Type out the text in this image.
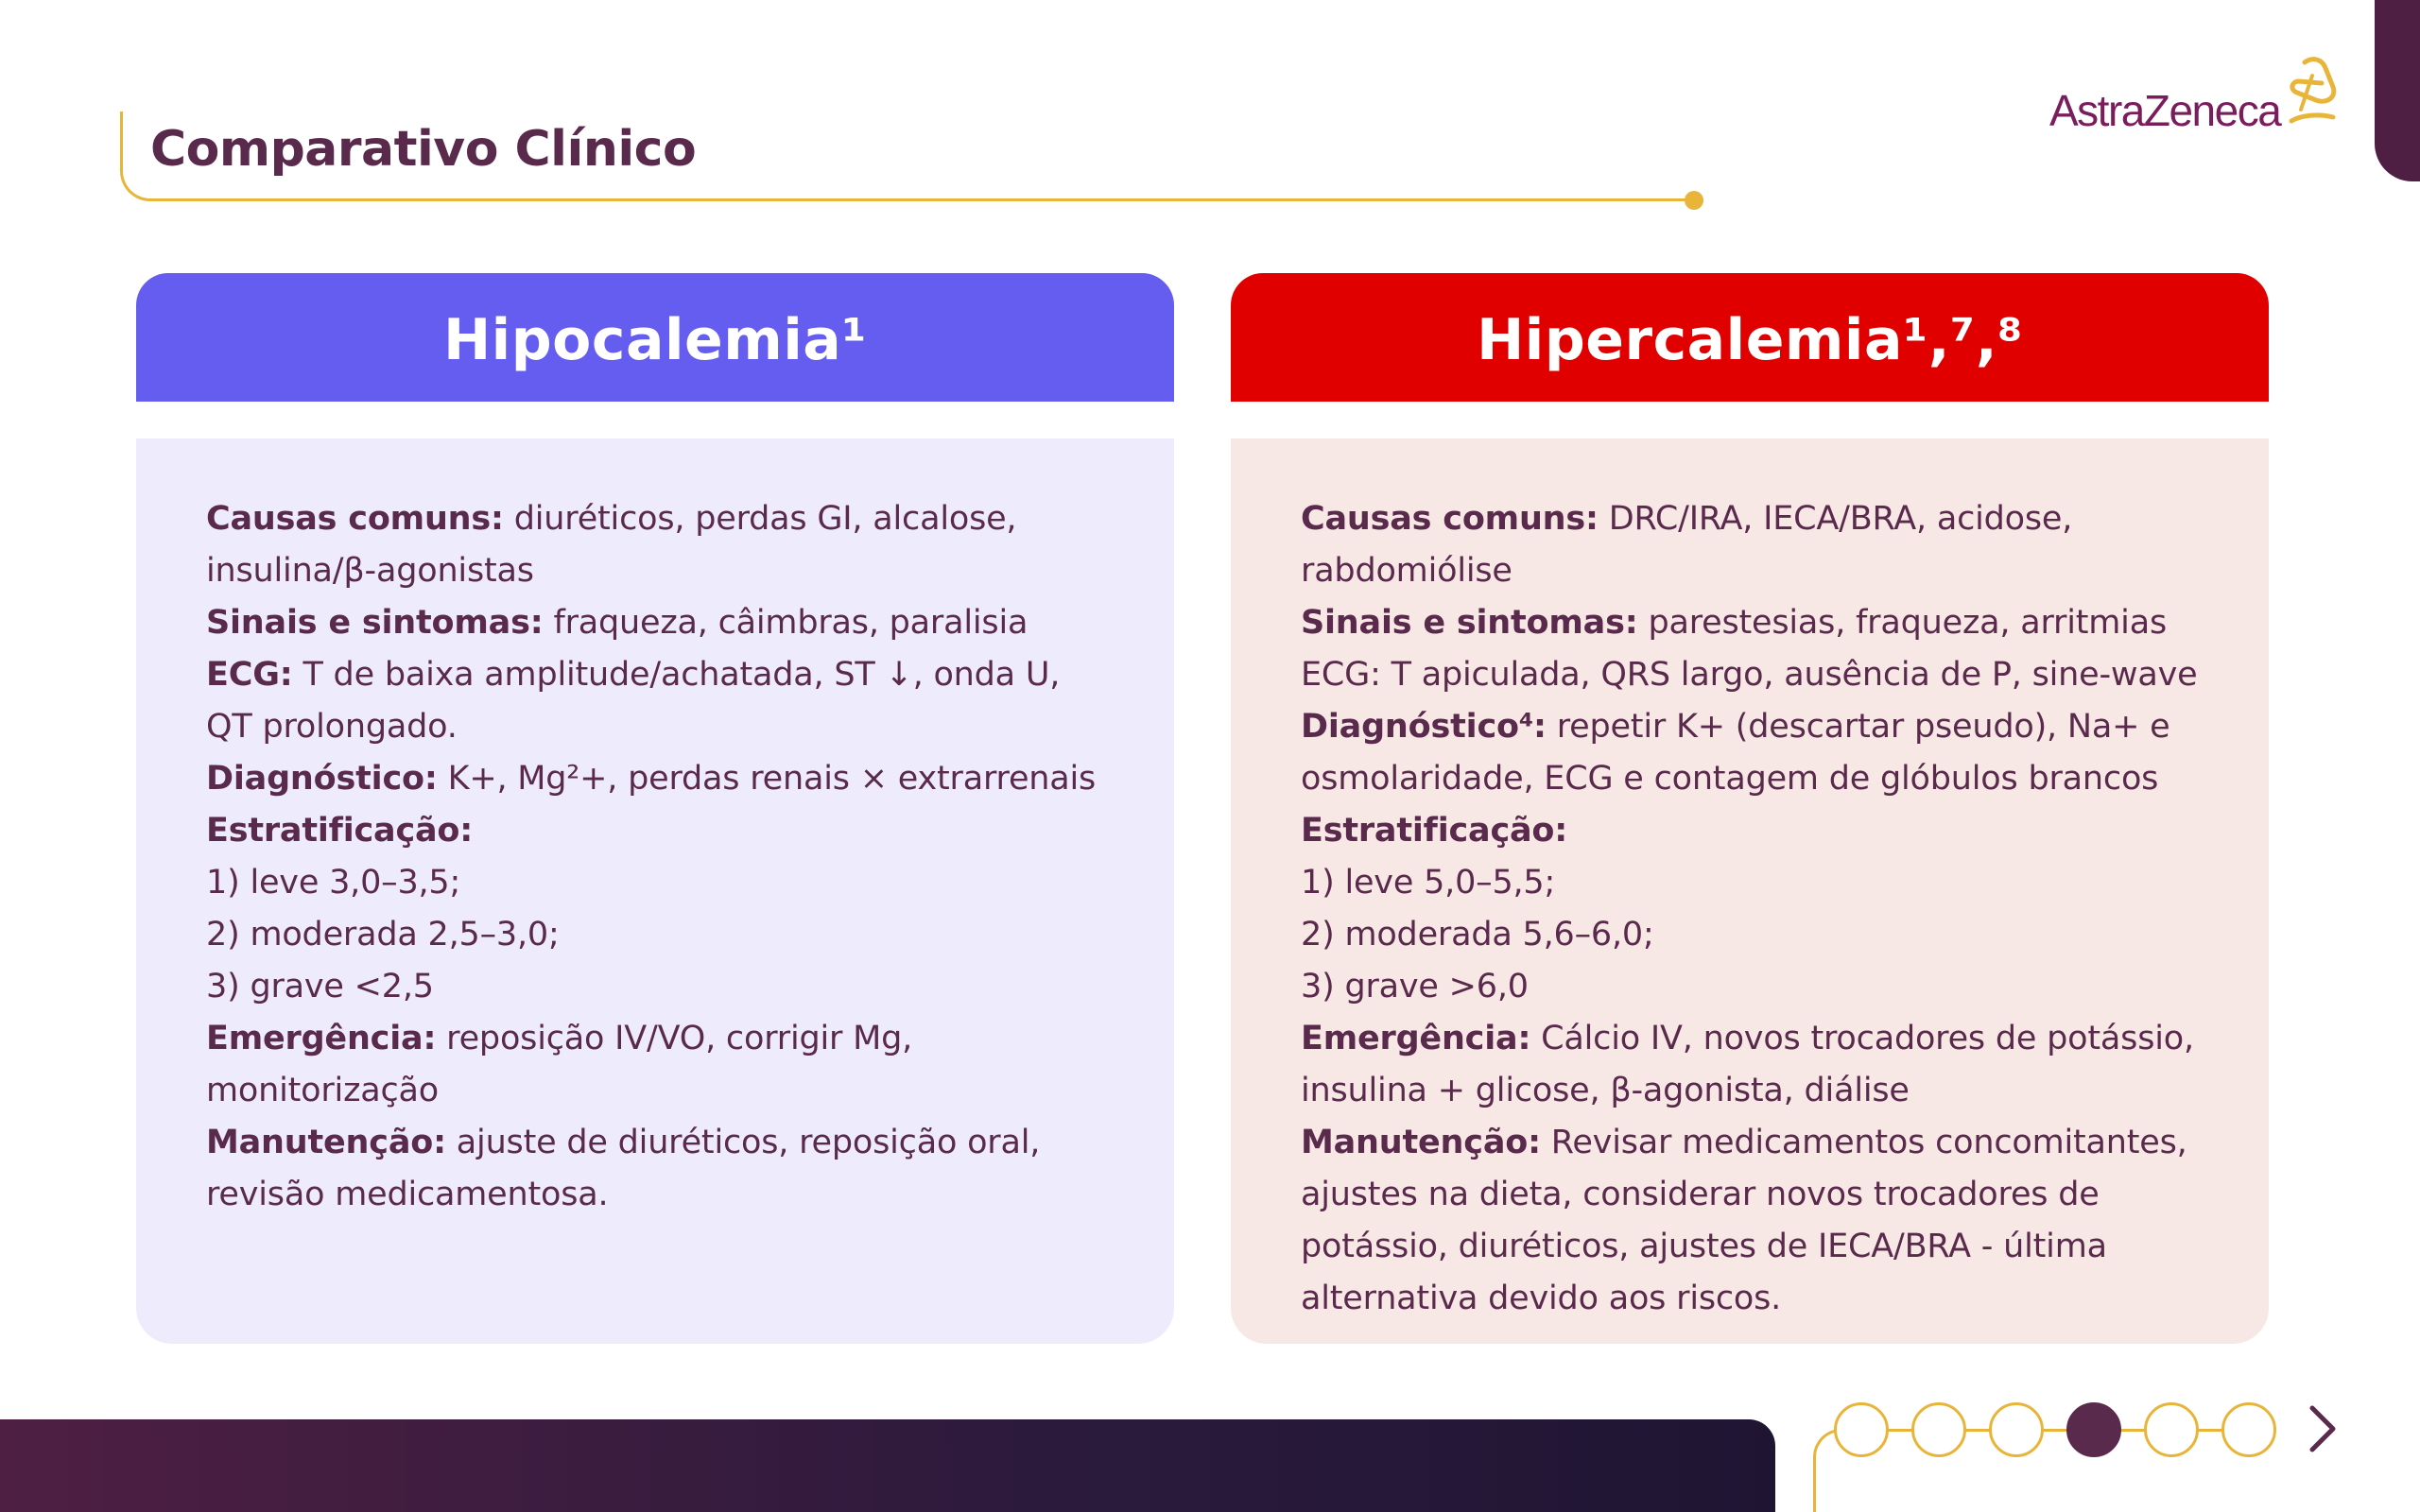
Comparativo Clínico
AstraZeneca
Hipocalemia¹
Causas comuns: diuréticos, perdas GI, alcalose,
insulina/β-agonistas
Sinais e sintomas: fraqueza, câimbras, paralisia
ECG: T de baixa amplitude/achatada, ST ↓, onda U,
QT prolongado.
Diagnóstico: K+, Mg²+, perdas renais × extrarrenais
Estratificação:
1) leve 3,0–3,5;
2) moderada 2,5–3,0;
3) grave <2,5
Emergência: reposição IV/VO, corrigir Mg,
monitorização
Manutenção: ajuste de diuréticos, reposição oral,
revisão medicamentosa.
Hipercalemia¹,⁷,⁸
Causas comuns: DRC/IRA, IECA/BRA, acidose,
rabdomiólise
Sinais e sintomas: parestesias, fraqueza, arritmias
ECG: T apiculada, QRS largo, ausência de P, sine-wave
Diagnóstico⁴: repetir K+ (descartar pseudo), Na+ e
osmolaridade, ECG e contagem de glóbulos brancos
Estratificação:
1) leve 5,0–5,5;
2) moderada 5,6–6,0;
3) grave >6,0
Emergência: Cálcio IV, novos trocadores de potássio,
insulina + glicose, β-agonista, diálise
Manutenção: Revisar medicamentos concomitantes,
ajustes na dieta, considerar novos trocadores de
potássio, diuréticos, ajustes de IECA/BRA - última
alternativa devido aos riscos.
